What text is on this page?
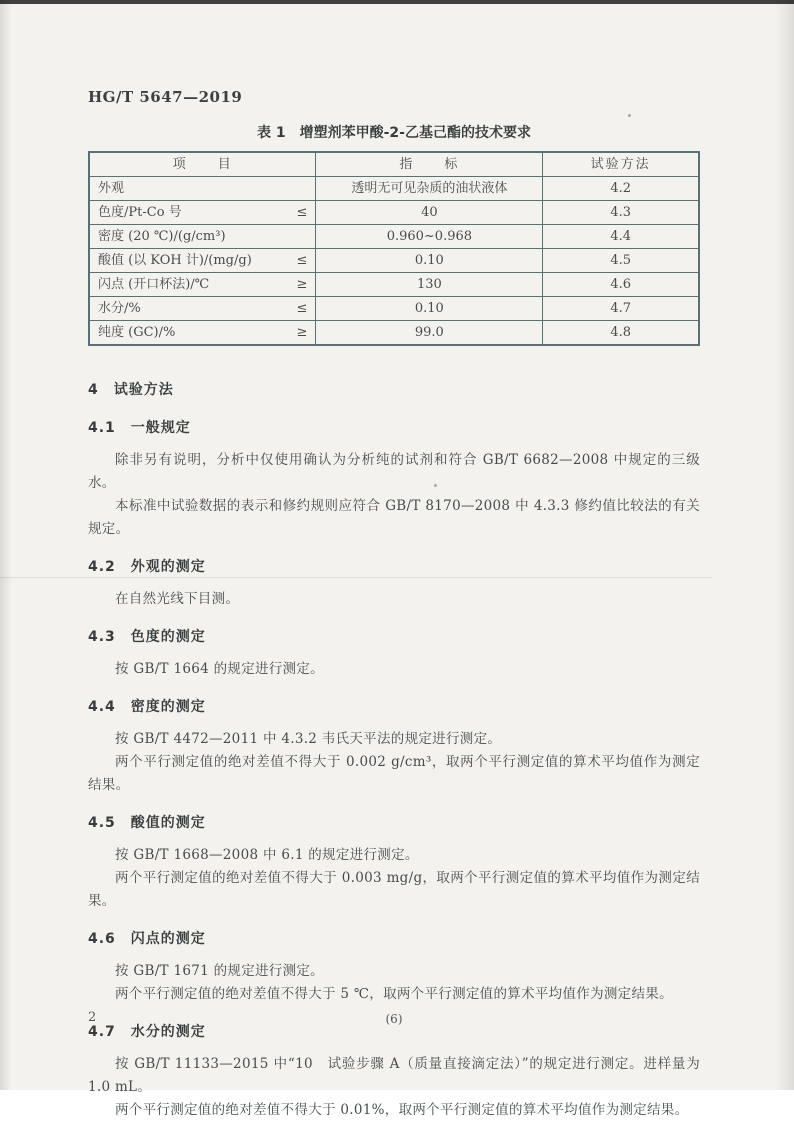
HG/T 5647—2019
表 1　增塑剂苯甲酸-2-乙基己酯的技术要求
项　　目	指　　标	试验方法

外观	透明无可见杂质的油状液体	4.2

色度/Pt-Co 号 ≤	40	4.3

密度 (20 ℃)/(g/cm³)	0.960~0.968	4.4

酸值 (以 KOH 计)/(mg/g) ≤	0.10	4.5

闪点 (开口杯法)/℃ ≥	130	4.6

水分/% ≤	0.10	4.7

纯度 (GC)/% ≥	99.0	4.8
4　试验方法
4.1　一般规定

除非另有说明，分析中仅使用确认为分析纯的试剂和符合 GB/T 6682—2008 中规定的三级水。

本标准中试验数据的表示和修约规则应符合 GB/T 8170—2008 中 4.3.3 修约值比较法的有关规定。

4.2　外观的测定

在自然光线下目测。

4.3　色度的测定

按 GB/T 1664 的规定进行测定。

4.4　密度的测定

按 GB/T 4472—2011 中 4.3.2 韦氏天平法的规定进行测定。

两个平行测定值的绝对差值不得大于 0.002 g/cm³，取两个平行测定值的算术平均值作为测定结果。

4.5　酸值的测定

按 GB/T 1668—2008 中 6.1 的规定进行测定。

两个平行测定值的绝对差值不得大于 0.003 mg/g，取两个平行测定值的算术平均值作为测定结果。

4.6　闪点的测定

按 GB/T 1671 的规定进行测定。

两个平行测定值的绝对差值不得大于 5 ℃，取两个平行测定值的算术平均值作为测定结果。

4.7　水分的测定

按 GB/T 11133—2015 中“10　试验步骤 A（质量直接滴定法）”的规定进行测定。进样量为 1.0 mL。

两个平行测定值的绝对差值不得大于 0.01%，取两个平行测定值的算术平均值作为测定结果。

2	(6)
